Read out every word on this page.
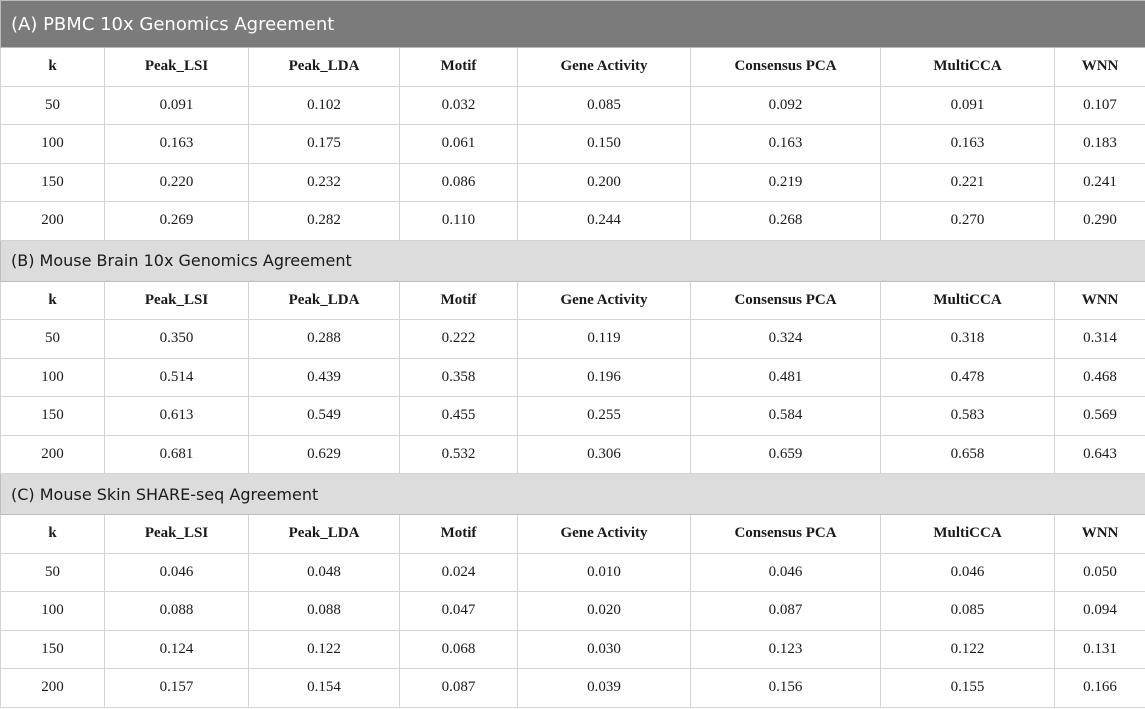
(A) PBMC 10x Genomics Agreement							
k	Peak_LSI	Peak_LDA	Motif	Gene Activity	Consensus PCA	MultiCCA	WNN
50	0.091	0.102	0.032	0.085	0.092	0.091	0.107
100	0.163	0.175	0.061	0.150	0.163	0.163	0.183
150	0.220	0.232	0.086	0.200	0.219	0.221	0.241
200	0.269	0.282	0.110	0.244	0.268	0.270	0.290
(B) Mouse Brain 10x Genomics Agreement							
k	Peak_LSI	Peak_LDA	Motif	Gene Activity	Consensus PCA	MultiCCA	WNN
50	0.350	0.288	0.222	0.119	0.324	0.318	0.314
100	0.514	0.439	0.358	0.196	0.481	0.478	0.468
150	0.613	0.549	0.455	0.255	0.584	0.583	0.569
200	0.681	0.629	0.532	0.306	0.659	0.658	0.643
(C) Mouse Skin SHARE-seq Agreement							
k	Peak_LSI	Peak_LDA	Motif	Gene Activity	Consensus PCA	MultiCCA	WNN
50	0.046	0.048	0.024	0.010	0.046	0.046	0.050
100	0.088	0.088	0.047	0.020	0.087	0.085	0.094
150	0.124	0.122	0.068	0.030	0.123	0.122	0.131
200	0.157	0.154	0.087	0.039	0.156	0.155	0.166
